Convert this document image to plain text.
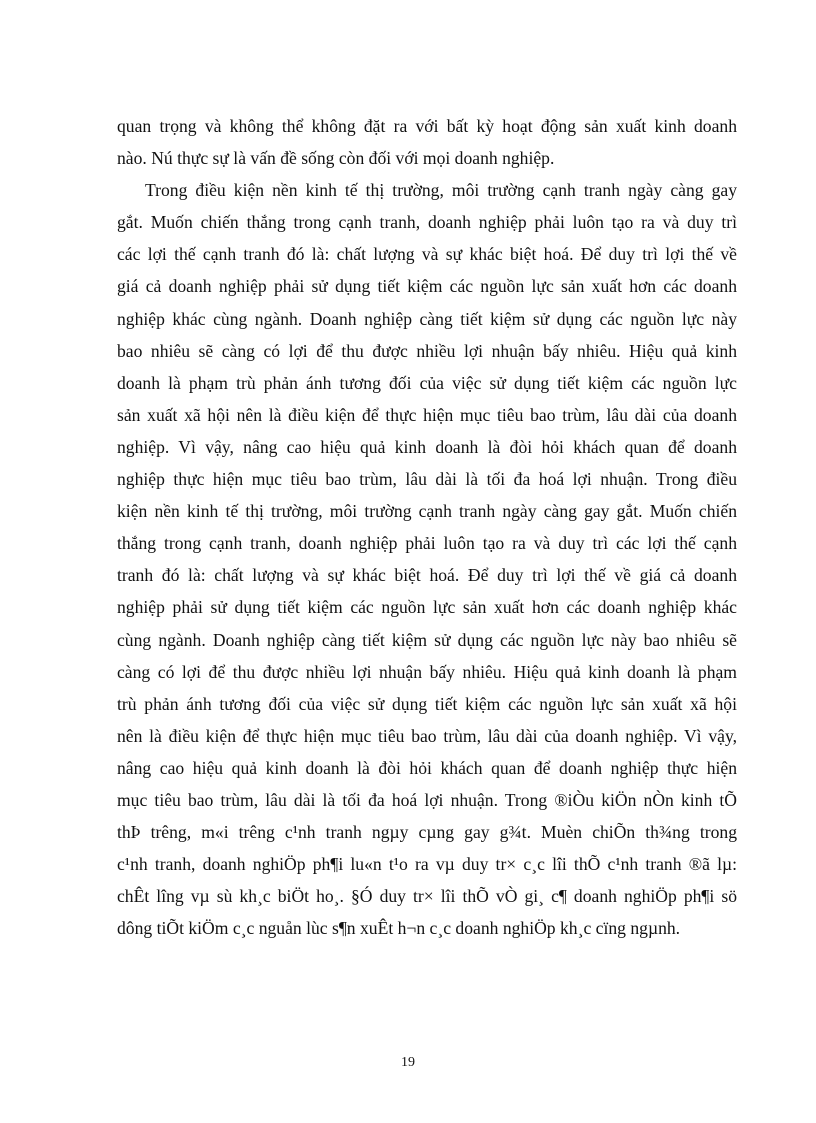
quan trọng và không thể không đặt ra với bất kỳ hoạt động sản xuất kinh doanh
nào. Nú thực sự là vấn đề sống còn đối với mọi doanh nghiệp.
Trong điều kiện nền kinh tế thị trường, môi trường cạnh tranh ngày càng gay
gắt. Muốn chiến thắng trong cạnh tranh, doanh nghiệp phải luôn tạo ra và duy trì
các lợi thế cạnh tranh đó là: chất lượng và sự khác biệt hoá. Để duy trì lợi thế về
giá cả doanh nghiệp phải sử dụng tiết kiệm các nguồn lực sản xuất hơn các doanh
nghiệp khác cùng ngành. Doanh nghiệp càng tiết kiệm sử dụng các nguồn lực này
bao nhiêu sẽ càng có lợi để thu được nhiều lợi nhuận bấy nhiêu. Hiệu quả kinh
doanh là phạm trù phản ánh tương đối của việc sử dụng tiết kiệm các nguồn lực
sản xuất xã hội nên là điều kiện để thực hiện mục tiêu bao trùm, lâu dài của doanh
nghiệp. Vì vậy, nâng cao hiệu quả kinh doanh là đòi hỏi khách quan để doanh
nghiệp thực hiện mục tiêu bao trùm, lâu dài là tối đa hoá lợi nhuận. Trong điều
kiện nền kinh tế thị trường, môi trường cạnh tranh ngày càng gay gắt. Muốn chiến
thắng trong cạnh tranh, doanh nghiệp phải luôn tạo ra và duy trì các lợi thế cạnh
tranh đó là: chất lượng và sự khác biệt hoá. Để duy trì lợi thế về giá cả doanh
nghiệp phải sử dụng tiết kiệm các nguồn lực sản xuất hơn các doanh nghiệp khác
cùng ngành. Doanh nghiệp càng tiết kiệm sử dụng các nguồn lực này bao nhiêu sẽ
càng có lợi để thu được nhiều lợi nhuận bấy nhiêu. Hiệu quả kinh doanh là phạm
trù phản ánh tương đối của việc sử dụng tiết kiệm các nguồn lực sản xuất xã hội
nên là điều kiện để thực hiện mục tiêu bao trùm, lâu dài của doanh nghiệp. Vì vậy,
nâng cao hiệu quả kinh doanh là đòi hỏi khách quan để doanh nghiệp thực hiện
mục tiêu bao trùm, lâu dài là tối đa hoá lợi nhuận. Trong ®iÒu kiÖn nÒn kinh tÕ
thÞ trêng, m«i trêng c¹nh tranh ngµy cµng gay g¾t. Muèn chiÕn th¾ng trong
c¹nh tranh, doanh nghiÖp ph¶i lu«n t¹o ra vµ duy tr× c¸c lîi thÕ c¹nh tranh ®ã lµ:
chÊt lîng vµ sù kh¸c biÖt ho¸. §Ó duy tr× lîi thÕ vÒ gi¸ c¶ doanh nghiÖp ph¶i sö
dông tiÕt kiÖm c¸c nguån lùc s¶n xuÊt h¬n c¸c doanh nghiÖp kh¸c cïng ngµnh.
19
